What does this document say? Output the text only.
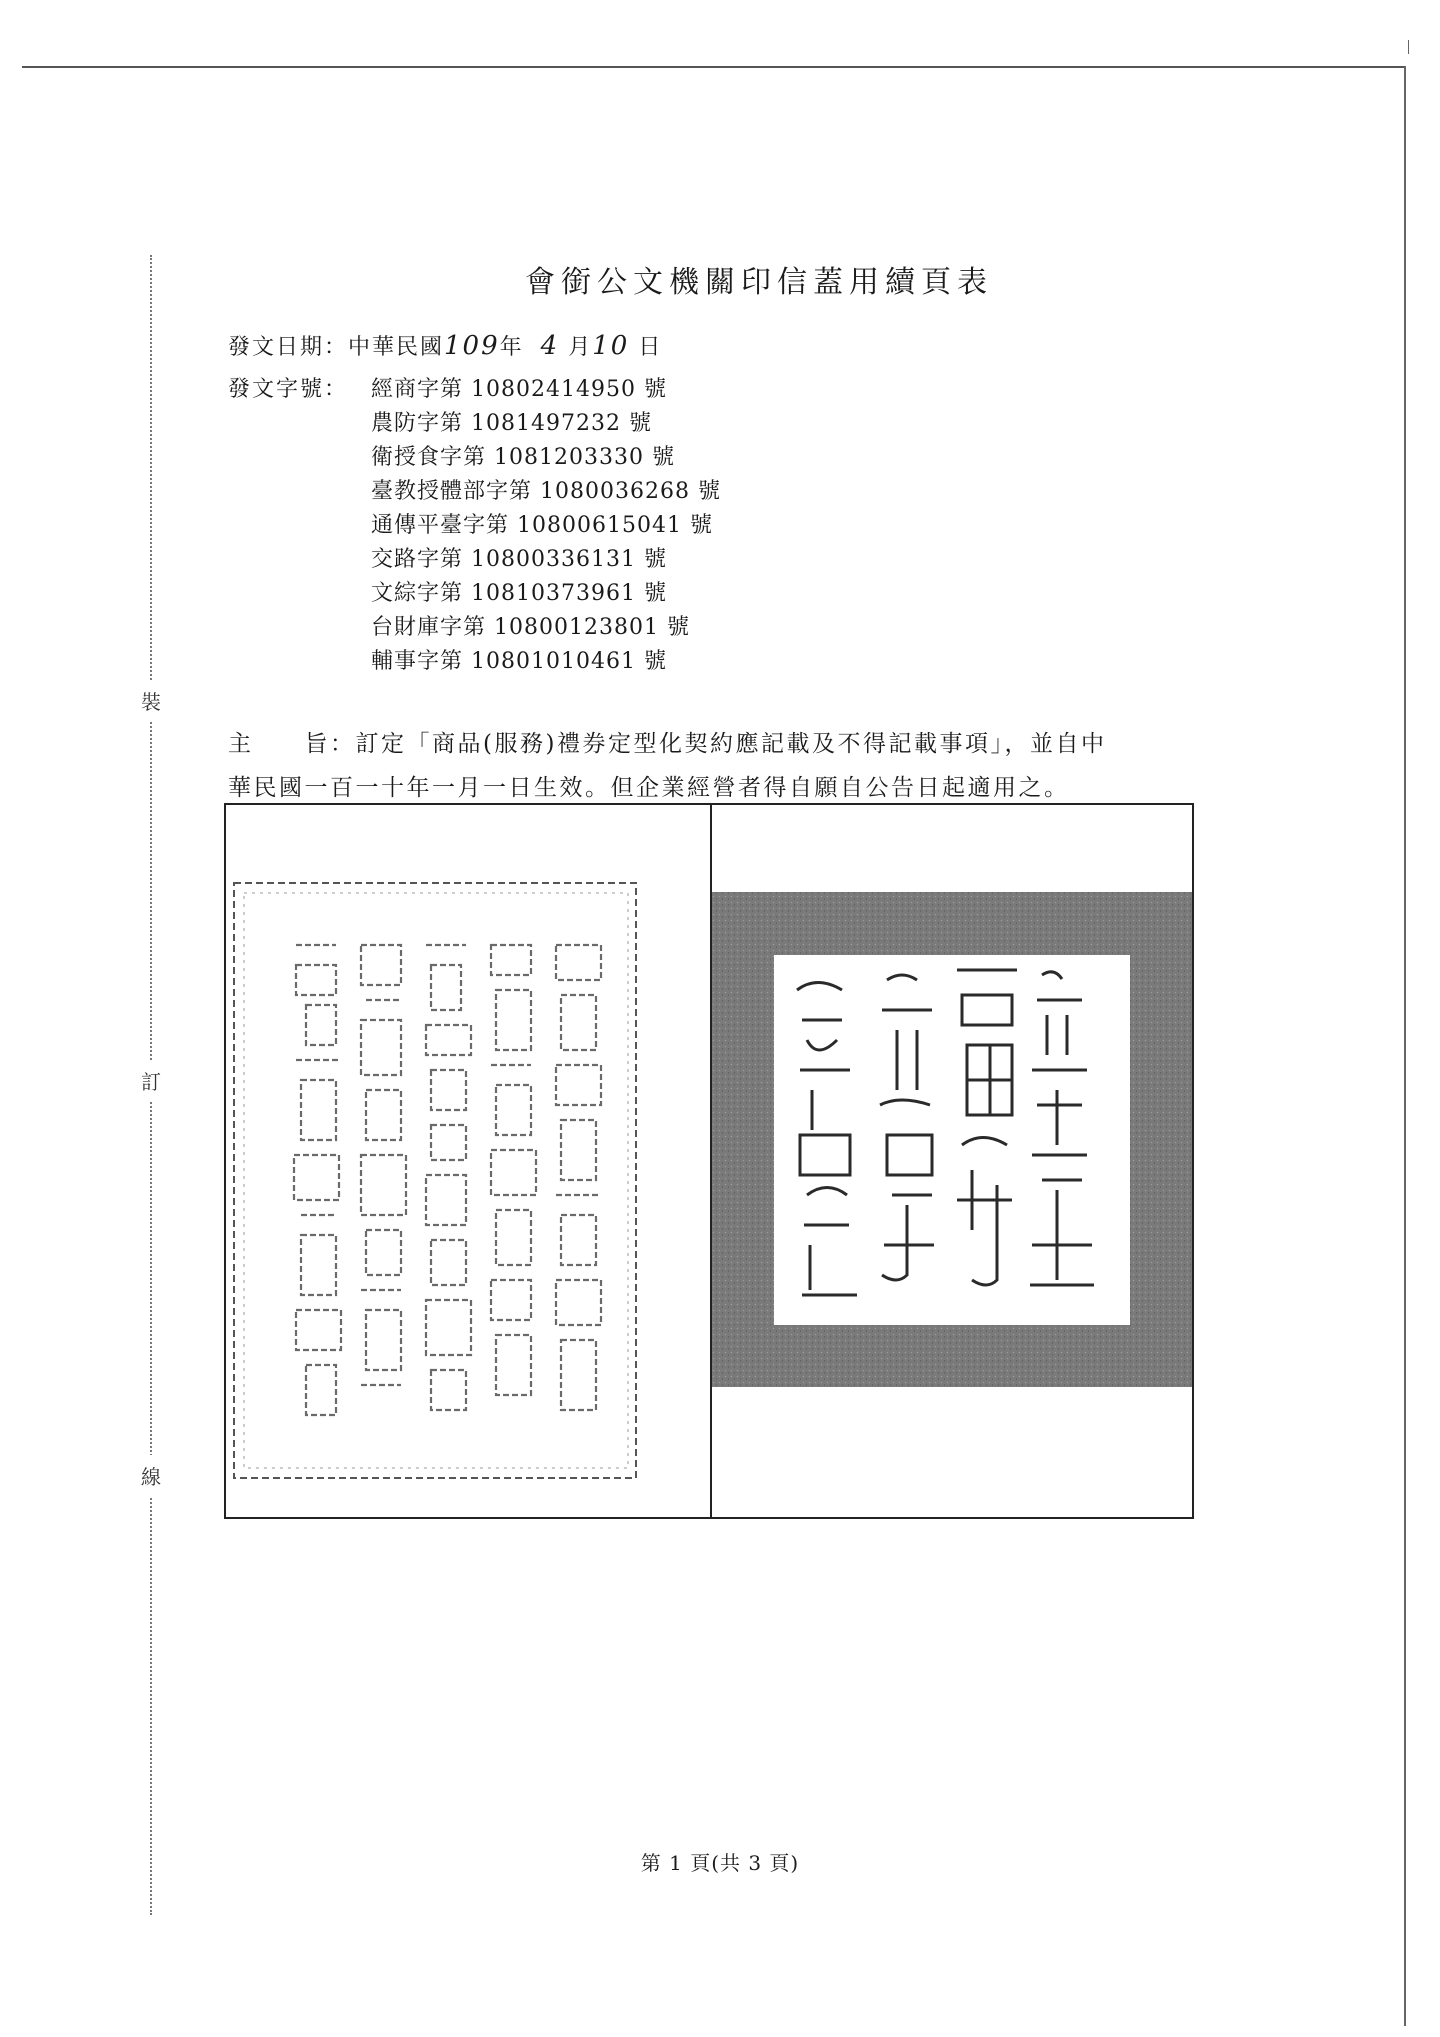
裝
訂
線
會銜公文機關印信蓋用續頁表
發文日期：中華民國109年 4 月10 日
發文字號： 經商字第 10802414950 號
農防字第 1081497232 號
衛授食字第 1081203330 號
臺教授體部字第 1080036268 號
通傳平臺字第 10800615041 號
交路字第 10800336131 號
文綜字第 10810373961 號
台財庫字第 10800123801 號
輔事字第 10801010461 號
主　　旨：訂定「商品(服務)禮券定型化契約應記載及不得記載事項」，並自中
華民國一百一十年一月一日生效。但企業經營者得自願自公告日起適用之。
第 1 頁(共 3 頁)
